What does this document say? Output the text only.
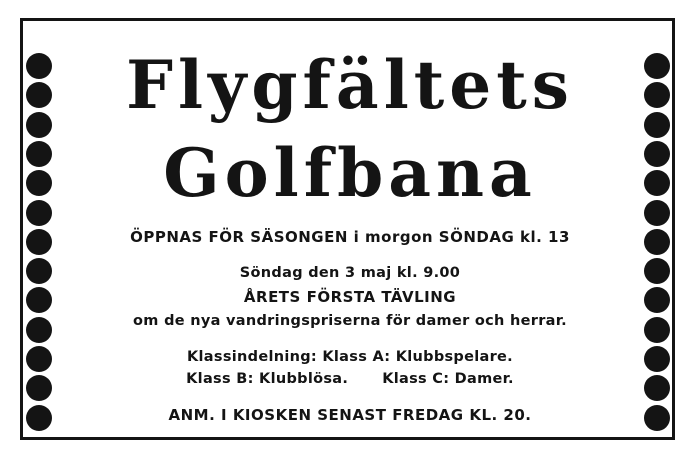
Flygfältets
Golfbana
ÖPPNAS FÖR SÄSONGEN i morgon SÖNDAG kl. 13
Söndag den 3 maj kl. 9.00
ÅRETS FÖRSTA TÄVLING
om de nya vandringspriserna för damer och herrar.
Klassindelning: Klass A: Klubbspelare.
Klass B: Klubblösa. Klass C: Damer.
ANM. I KIOSKEN SENAST FREDAG KL. 20.
